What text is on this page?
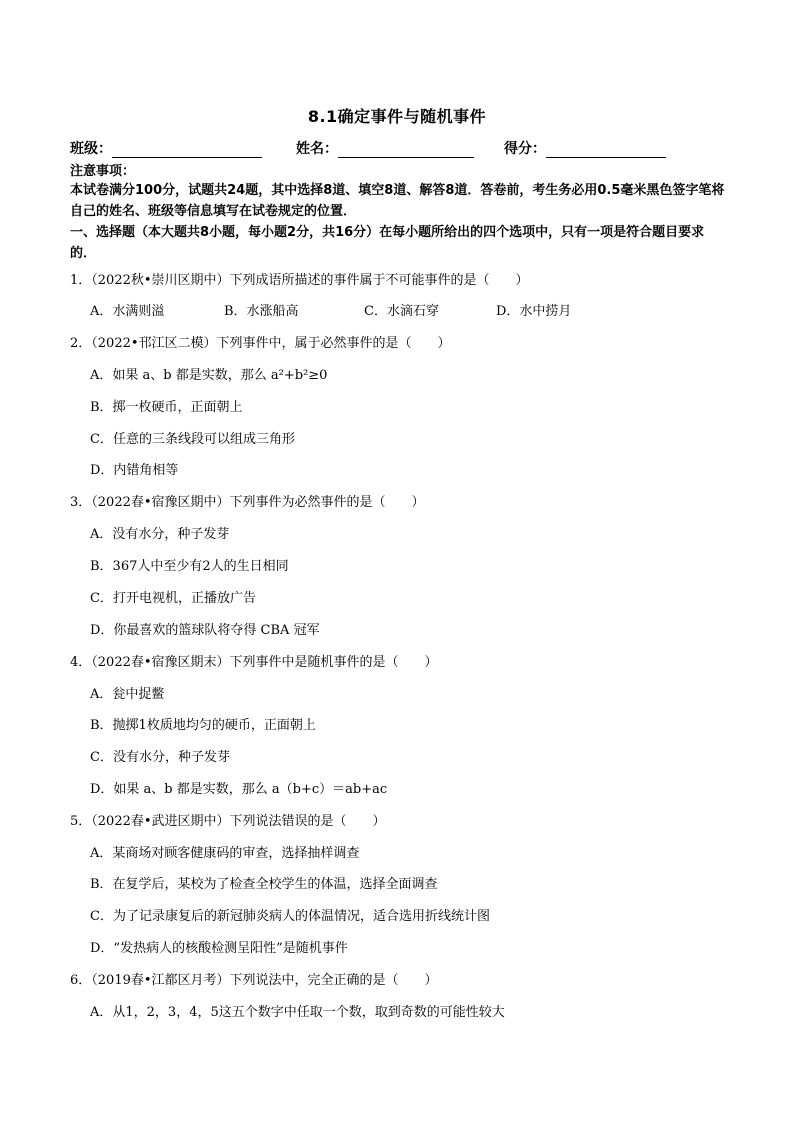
8.1确定事件与随机事件
班级：	姓名：	得分：
注意事项：
本试卷满分100分，试题共24题，其中选择8道、填空8道、解答8道．答卷前，考生务必用0.5毫米黑色签字笔将自己的姓名、班级等信息填写在试卷规定的位置．
一、选择题（本大题共8小题，每小题2分，共16分）在每小题所给出的四个选项中，只有一项是符合题目要求的．
1．（2022秋•崇川区期中）下列成语所描述的事件属于不可能事件的是（　　）
A．水满则溢	B．水涨船高	C．水滴石穿	D．水中捞月
2．（2022•邗江区二模）下列事件中，属于必然事件的是（　　）
A．如果 a、b 都是实数，那么 a²+b²≥0
B．掷一枚硬币，正面朝上
C．任意的三条线段可以组成三角形
D．内错角相等
3．（2022春•宿豫区期中）下列事件为必然事件的是（　　）
A．没有水分，种子发芽
B．367人中至少有2人的生日相同
C．打开电视机，正播放广告
D．你最喜欢的篮球队将夺得 CBA 冠军
4．（2022春•宿豫区期末）下列事件中是随机事件的是（　　）
A．瓮中捉鳖
B．抛掷1枚质地均匀的硬币，正面朝上
C．没有水分，种子发芽
D．如果 a、b 都是实数，那么 a（b+c）＝ab+ac
5．（2022春•武进区期中）下列说法错误的是（　　）
A．某商场对顾客健康码的审查，选择抽样调查
B．在复学后，某校为了检查全校学生的体温，选择全面调查
C．为了记录康复后的新冠肺炎病人的体温情况，适合选用折线统计图
D．“发热病人的核酸检测呈阳性”是随机事件
6．（2019春•江都区月考）下列说法中，完全正确的是（　　）
A．从1，2，3，4，5这五个数字中任取一个数，取到奇数的可能性较大
